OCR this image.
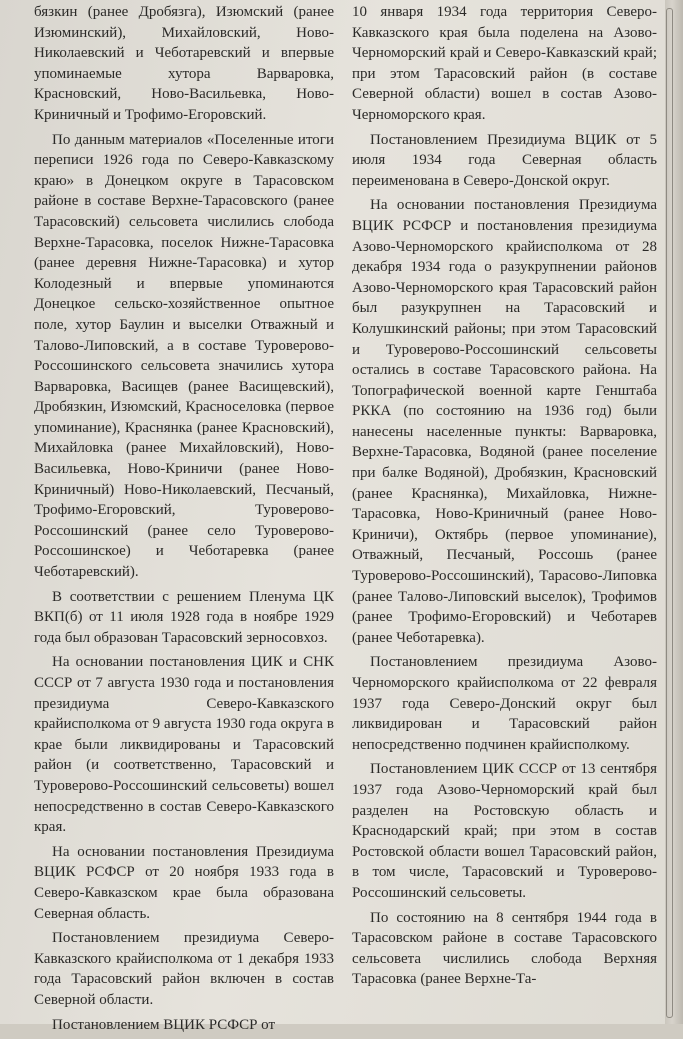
бязкин (ранее Дробязга), Изюмский (ранее Изюминский), Михайловский, Ново-Николаевский и Чеботаревский и впервые упоминаемые хутора Варваровка, Красновский, Ново-Васильевка, Ново-Криничный и Трофимо-Егоровский.

По данным материалов «Поселенные итоги переписи 1926 года по Северо-Кавказскому краю» в Донецком округе в Тарасовском районе в составе Верхне-Тарасовского (ранее Тарасовский) сельсовета числились слобода Верхне-Тарасовка, поселок Нижне-Тарасовка (ранее деревня Нижне-Тарасовка) и хутор Колодезный и впервые упоминаются Донецкое сельско-хозяйственное опытное поле, хутор Баулин и выселки Отважный и Талово-Липовский, а в составе Туроверово-Россошинского сельсовета значились хутора Варваровка, Васищев (ранее Васищевский), Дробязкин, Изюмский, Красноселовка (первое упоминание), Краснянка (ранее Красновский), Михайловка (ранее Михайловский), Ново-Васильевка, Ново-Криничи (ранее Ново-Криничный) Ново-Николаевский, Песчаный, Трофимо-Егоровский, Туроверово-Россошинский (ранее село Туроверово-Россошинское) и Чеботаревка (ранее Чеботаревский).

В соответствии с решением Пленума ЦК ВКП(б) от 11 июля 1928 года в ноябре 1929 года был образован Тарасовский зерносовхоз.

На основании постановления ЦИК и СНК СССР от 7 августа 1930 года и постановления президиума Северо-Кавказского крайисполкома от 9 августа 1930 года округа в крае были ликвидированы и Тарасовский район (и соответственно, Тарасовский и Туроверово-Россошинский сельсоветы) вошел непосредственно в состав Северо-Кавказского края.

На основании постановления Президиума ВЦИК РСФСР от 20 ноября 1933 года в Северо-Кавказском крае была образована Северная область.

Постановлением президиума Северо-Кавказского крайисполкома от 1 декабря 1933 года Тарасовский район включен в состав Северной области.

Постановлением ВЦИК РСФСР от

10 января 1934 года территория Северо-Кавказского края была поделена на Азово-Черноморский край и Северо-Кавказский край; при этом Тарасовский район (в составе Северной области) вошел в состав Азово-Черноморского края.

Постановлением Президиума ВЦИК от 5 июля 1934 года Северная область переименована в Северо-Донской округ.

На основании постановления Президиума ВЦИК РСФСР и постановления президиума Азово-Черноморского крайисполкома от 28 декабря 1934 года о разукрупнении районов Азово-Черноморского края Тарасовский район был разукрупнен на Тарасовский и Колушкинский районы; при этом Тарасовский и Туроверово-Россошинский сельсоветы остались в составе Тарасовского района. На Топографической военной карте Генштаба РККА (по состоянию на 1936 год) были нанесены населенные пункты: Варваровка, Верхне-Тарасовка, Водяной (ранее поселение при балке Водяной), Дробязкин, Красновский (ранее Краснянка), Михайловка, Нижне-Тарасовка, Ново-Криничный (ранее Ново-Криничи), Октябрь (первое упоминание), Отважный, Песчаный, Россошь (ранее Туроверово-Россошинский), Тарасово-Липовка (ранее Талово-Липовский выселок), Трофимов (ранее Трофимо-Егоровский) и Чеботарев (ранее Чеботаревка).

Постановлением президиума Азово-Черноморского крайисполкома от 22 февраля 1937 года Северо-Донский округ был ликвидирован и Тарасовский район непосредственно подчинен крайисполкому.

Постановлением ЦИК СССР от 13 сентября 1937 года Азово-Черноморский край был разделен на Ростовскую область и Краснодарский край; при этом в состав Ростовской области вошел Тарасовский район, в том числе, Тарасовский и Туроверово-Россошинский сельсоветы.

По состоянию на 8 сентября 1944 года в Тарасовском районе в составе Тарасовского сельсовета числились слобода Верхняя Тарасовка (ранее Верхне-Та-
